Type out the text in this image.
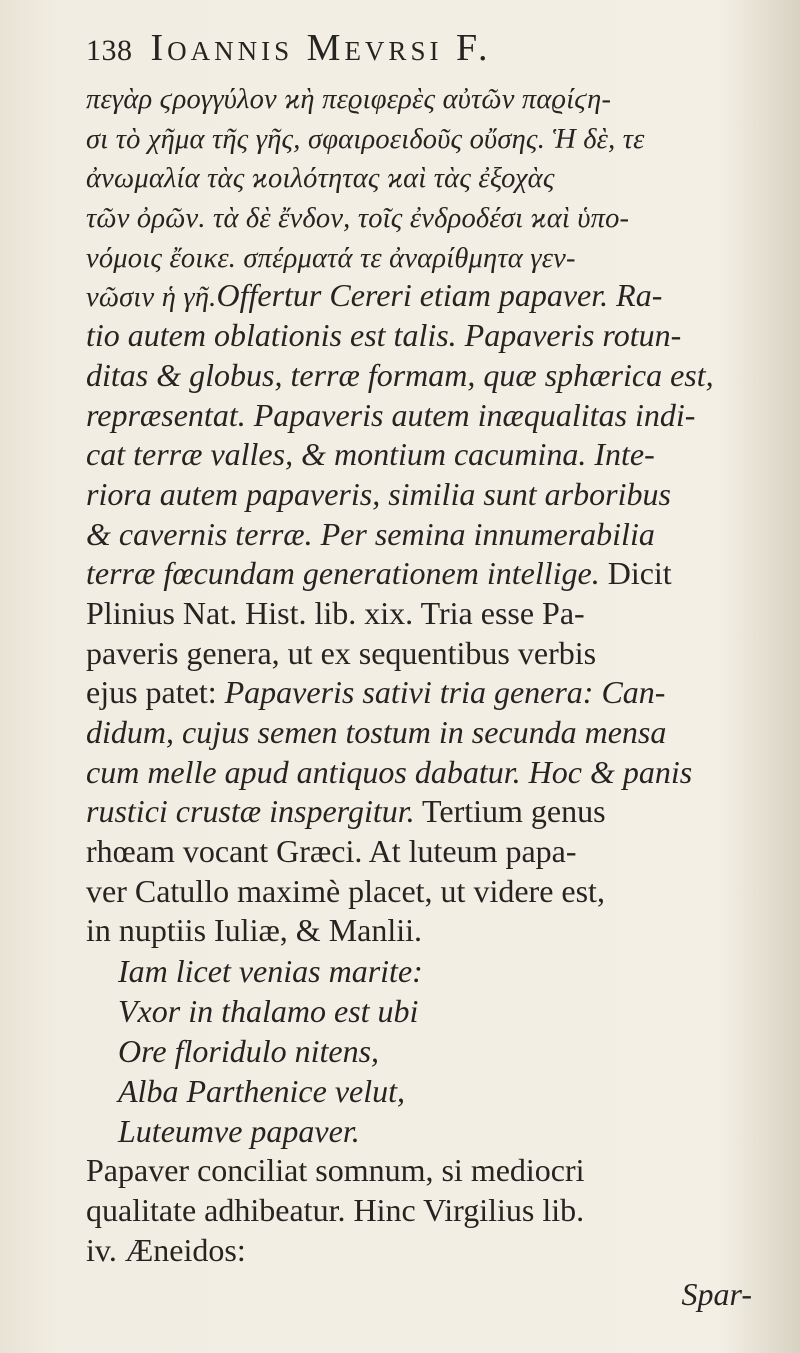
138 Ioannis Mevrsi F.
πεγὰρ ϛρογγύλον ϰὴ πεϱιφερὲς αὐτῶν παϱίϛη-
σι τὸ χῆμα τῆς γῆς, σφαιροειδοῦς οὔσης. Ἡ δὲ, τε
ἀνωμαλία τὰς ϰοιλότητας ϰαὶ τὰς ἐξοχὰς
τῶν ὀρῶν. τὰ δὲ ἔνδον, τοῖς ἐνδροδέσι ϰαὶ ὑπο-
νόμοις ἔοικε. σπέρματά τε ἀναρίθμητα γεν-
νῶσιν ἡ γῆ.Offertur Cereri etiam papaver. Ra-
tio autem oblationis est talis. Papaveris rotun-
ditas & globus, terræ formam, quæ sphærica est,
repræsentat. Papaveris autem inæqualitas indi-
cat terræ valles, & montium cacumina. Inte-
riora autem papaveris, similia sunt arboribus
& cavernis terræ. Per semina innumerabilia
terræ fœcundam generationem intellige. Dicit
Plinius Nat. Hist. lib. xix. Tria esse Pa-
paveris genera, ut ex sequentibus verbis
ejus patet: Papaveris sativi tria genera: Can-
didum, cujus semen tostum in secunda mensa
cum melle apud antiquos dabatur. Hoc & panis
rustici crustæ inspergitur. Tertium genus
rhœam vocant Græci. At luteum papa-
ver Catullo maximè placet, ut videre est,
in nuptiis Iuliæ, & Manlii.
Iam licet venias marite:
Vxor in thalamo est ubi
Ore floridulo nitens,
Alba Parthenice velut,
Luteumve papaver.
Papaver conciliat somnum, si mediocri
qualitate adhibeatur. Hinc Virgilius lib.
iv. Æneidos:
Spar-
